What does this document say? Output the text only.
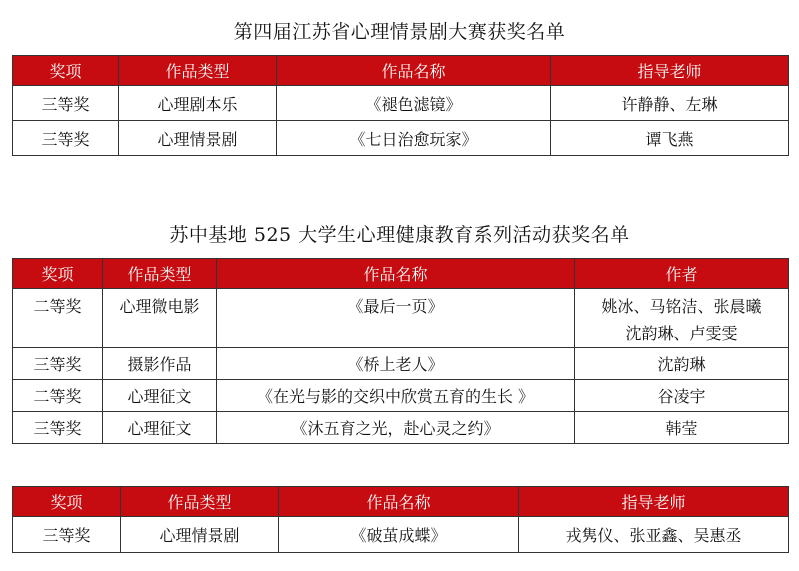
第四届江苏省心理情景剧大赛获奖名单
奖项	作品类型	作品名称	指导老师
三等奖	心理剧本乐	《褪色滤镜》	许静静、左琳
三等奖	心理情景剧	《七日治愈玩家》	谭飞燕
苏中基地 525 大学生心理健康教育系列活动获奖名单
奖项	作品类型	作品名称	作者
二等奖	心理微电影	《最后一页》	姚冰、马铭洁、张晨曦
沈韵琳、卢雯雯

三等奖	摄影作品	《桥上老人》	沈韵琳
二等奖	心理征文	《在光与影的交织中欣赏五育的生长 》	谷凌宇
三等奖	心理征文	《沐五育之光，赴心灵之约》	韩莹
奖项	作品类型	作品名称	指导老师
三等奖	心理情景剧	《破茧成蝶》	戎隽仪、张亚鑫、吴惠丞
